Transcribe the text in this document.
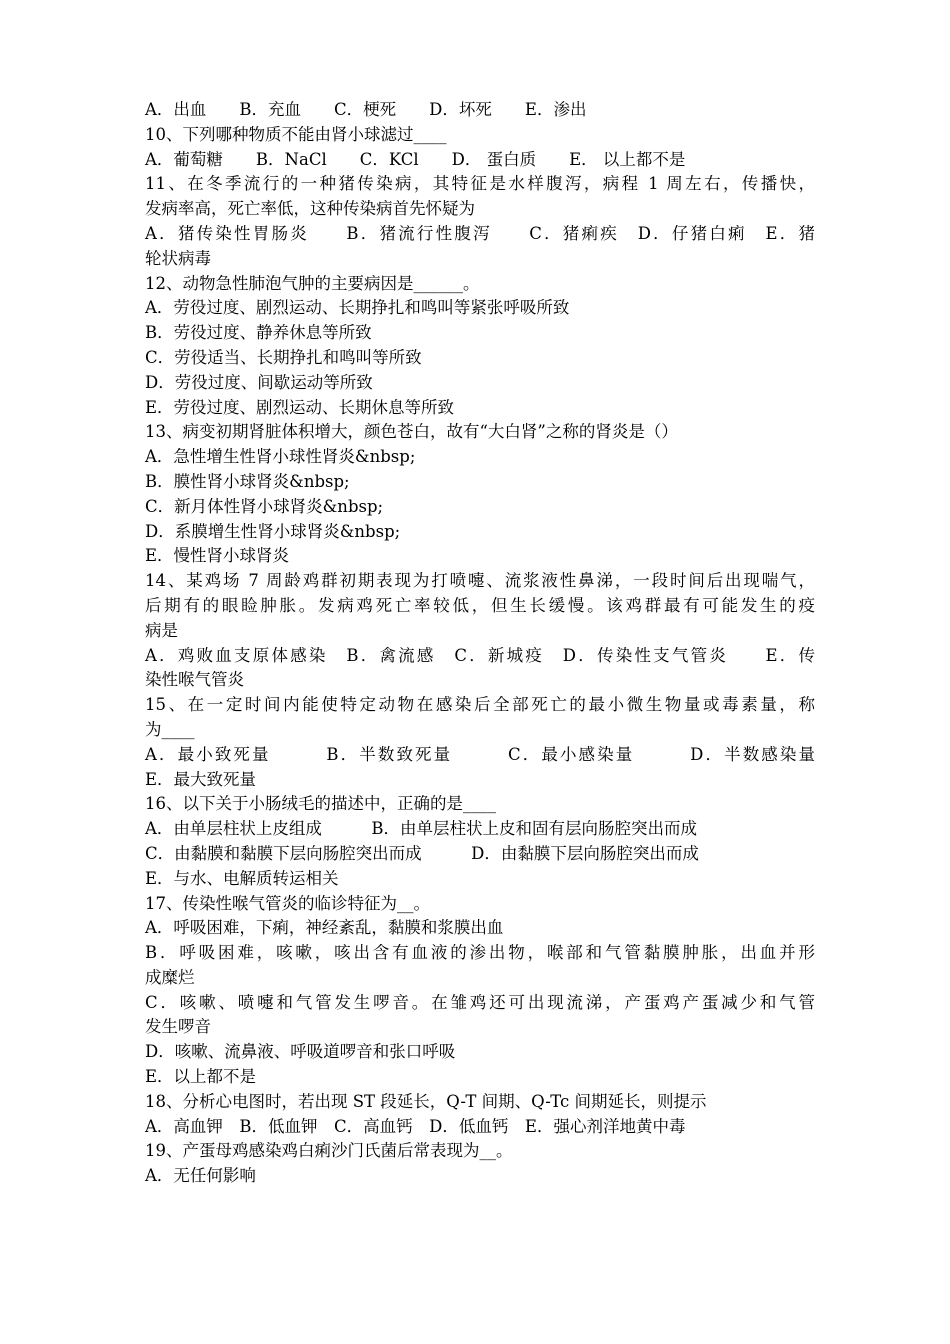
A．出血　　B．充血　　C．梗死　　D．坏死　　E．渗出
10、下列哪种物质不能由肾小球滤过____
A．葡萄糖　　B．NaCl　　C．KCl　　D． 蛋白质　　E． 以上都不是
11、在冬季流行的一种猪传染病，其特征是水样腹泻，病程 1 周左右，传播快，
发病率高，死亡率低，这种传染病首先怀疑为
A．猪传染性胃肠炎　　B．猪流行性腹泻　　C．猪痢疾　D．仔猪白痢　E．猪
轮状病毒
12、动物急性肺泡气肿的主要病因是______。
A．劳役过度、剧烈运动、长期挣扎和鸣叫等紧张呼吸所致
B．劳役过度、静养休息等所致
C．劳役适当、长期挣扎和鸣叫等所致
D．劳役过度、间歇运动等所致
E．劳役过度、剧烈运动、长期休息等所致
13、病变初期肾脏体积增大，颜色苍白，故有“大白肾”之称的肾炎是（）
A．急性增生性肾小球性肾炎&nbsp;
B．膜性肾小球肾炎&nbsp;
C．新月体性肾小球肾炎&nbsp;
D．系膜增生性肾小球肾炎&nbsp;
E．慢性肾小球肾炎
14、某鸡场 7 周龄鸡群初期表现为打喷嚏、流浆液性鼻涕，一段时间后出现喘气，
后期有的眼睑肿胀。发病鸡死亡率较低，但生长缓慢。该鸡群最有可能发生的疫
病是
A．鸡败血支原体感染　B．禽流感　C．新城疫　D．传染性支气管炎　　E．传
染性喉气管炎
15、在一定时间内能使特定动物在感染后全部死亡的最小微生物量或毒素量，称
为____
A．最小致死量　　　B．半数致死量　　　C．最小感染量　　　D．半数感染量
E．最大致死量
16、以下关于小肠绒毛的描述中，正确的是____
A．由单层柱状上皮组成　　　B．由单层柱状上皮和固有层向肠腔突出而成
C．由黏膜和黏膜下层向肠腔突出而成　　　D．由黏膜下层向肠腔突出而成
E．与水、电解质转运相关
17、传染性喉气管炎的临诊特征为__。
A．呼吸困难，下痢，神经紊乱，黏膜和浆膜出血
B．呼吸困难，咳嗽，咳出含有血液的渗出物，喉部和气管黏膜肿胀，出血并形
成糜烂
C．咳嗽、喷嚏和气管发生啰音。在雏鸡还可出现流涕，产蛋鸡产蛋减少和气管
发生啰音
D．咳嗽、流鼻液、呼吸道啰音和张口呼吸
E．以上都不是
18、分析心电图时，若出现 ST 段延长，Q-T 间期、Q-Tc 间期延长，则提示
A．高血钾　B．低血钾　C．高血钙　D．低血钙　E．强心剂洋地黄中毒
19、产蛋母鸡感染鸡白痢沙门氏菌后常表现为__。
A．无任何影响
